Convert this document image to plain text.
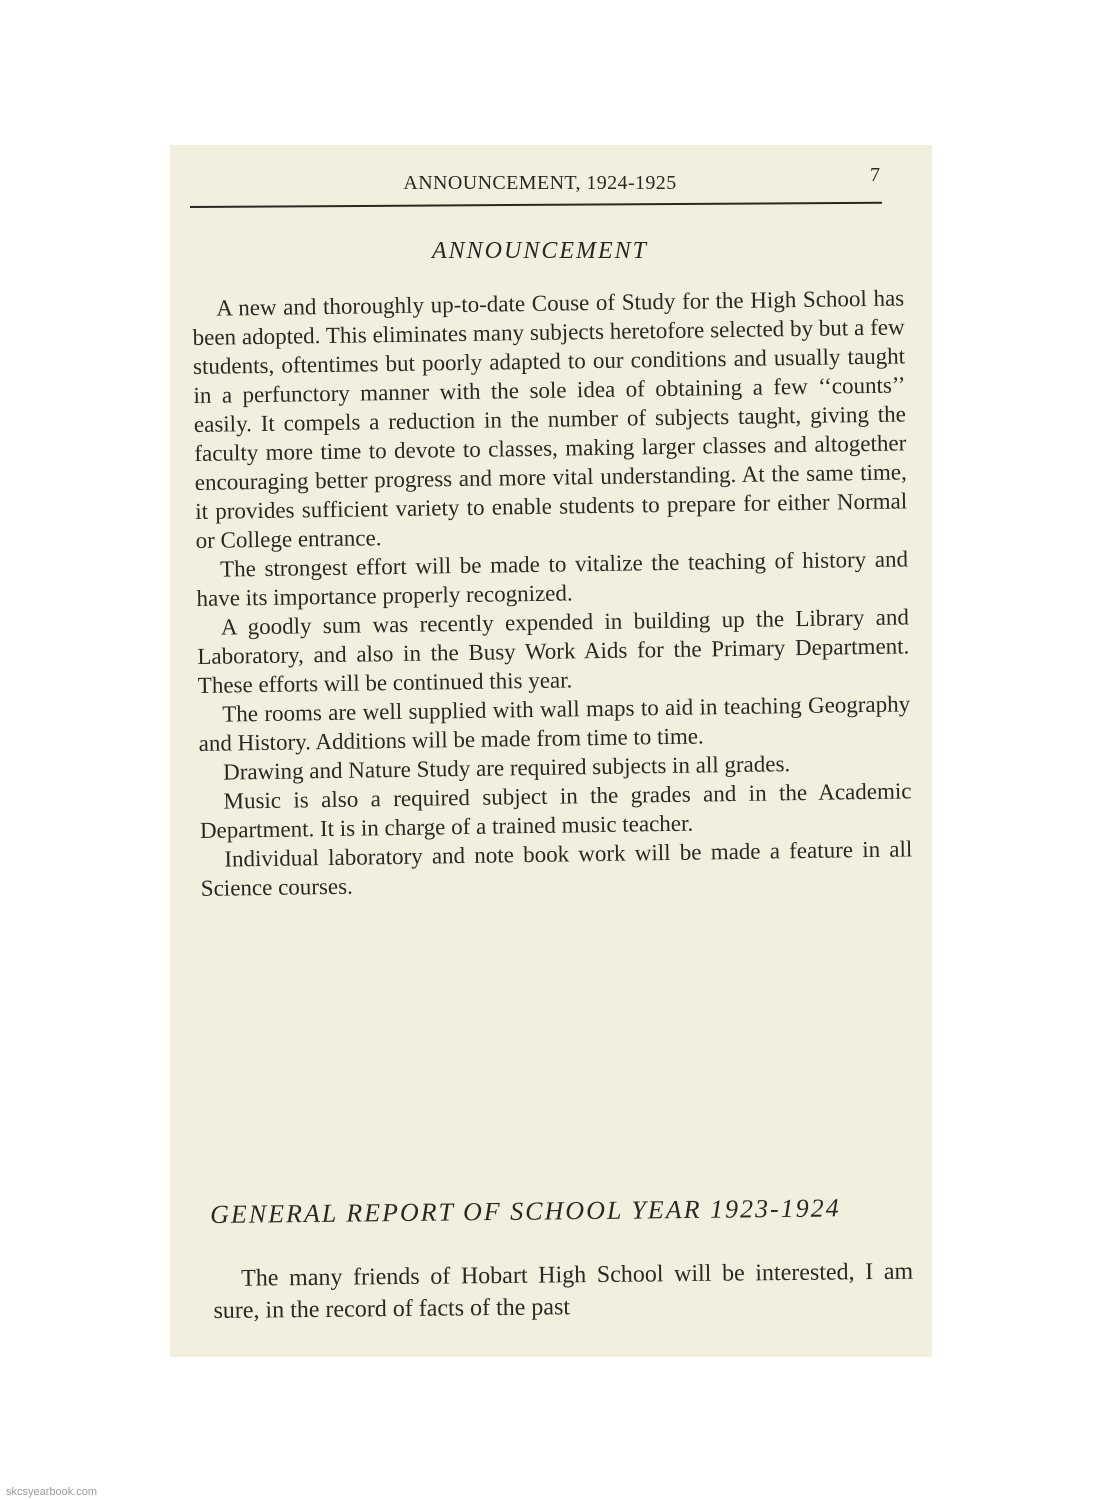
ANNOUNCEMENT, 1924-1925	7
ANNOUNCEMENT

A new and thoroughly up-to-date Couse of Study for the High School has been adopted. This eliminates many subjects heretofore selected by but a few students, oftentimes but poorly adapted to our conditions and usually taught in a perfunctory manner with the sole idea of obtaining a few ‘‘counts’’ easily. It compels a reduction in the number of subjects taught, giving the faculty more time to devote to classes, making larger classes and altogether encouraging better progress and more vital understanding. At the same time, it provides sufficient variety to enable students to prepare for either Normal or College entrance.

The strongest effort will be made to vitalize the teaching of history and have its importance properly recognized.

A goodly sum was recently expended in building up the Library and Laboratory, and also in the Busy Work Aids for the Primary Department. These efforts will be continued this year.

The rooms are well supplied with wall maps to aid in teaching Geography and History. Additions will be made from time to time.

Drawing and Nature Study are required subjects in all grades.

Music is also a required subject in the grades and in the Academic Department. It is in charge of a trained music teacher.

Individual laboratory and note book work will be made a feature in all Science courses.

GENERAL REPORT OF SCHOOL YEAR 1923-1924

The many friends of Hobart High School will be interested, I am sure, in the record of facts of the past

skcsyearbook.com
